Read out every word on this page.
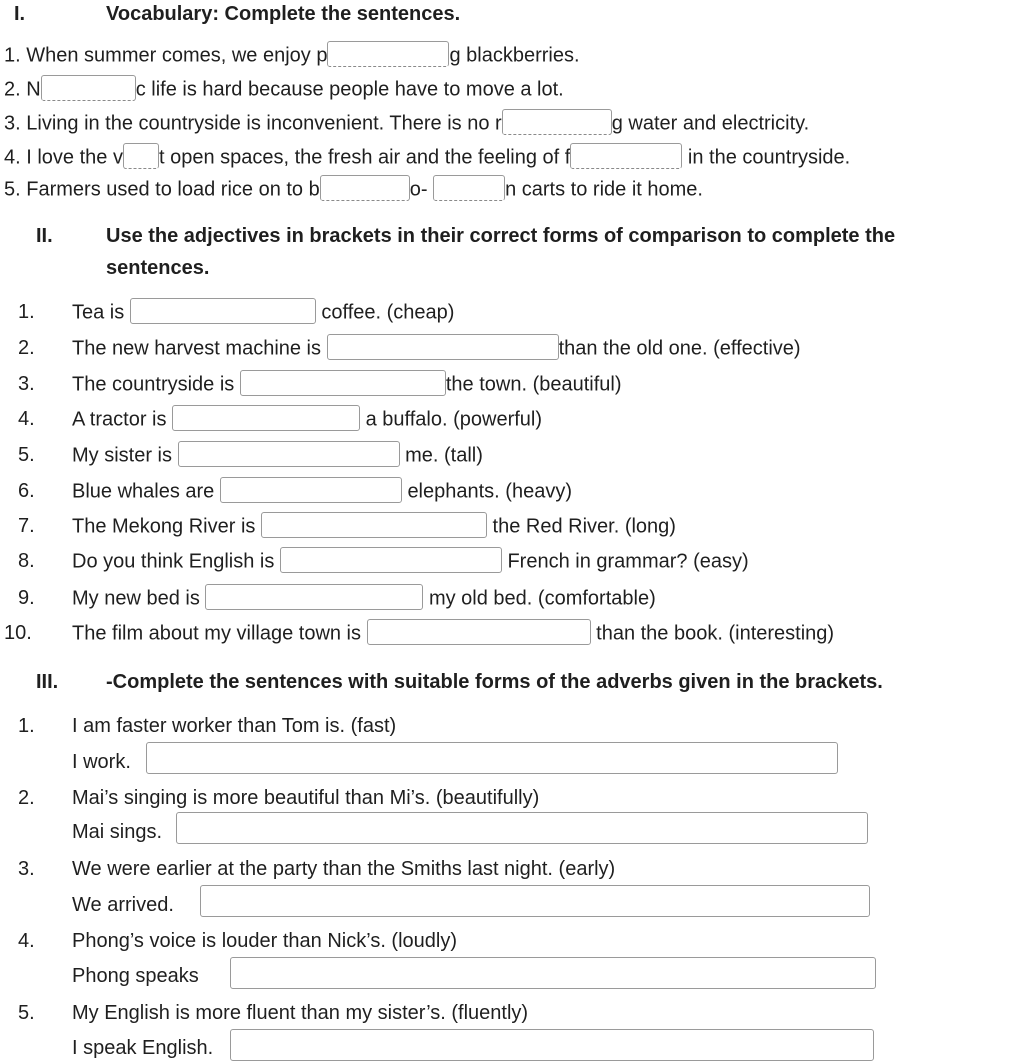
I.	Vocabulary: Complete the sentences.
1. When summer comes, we enjoy p	g blackberries.
2. N	c life is hard because people have to move a lot.
3. Living in the countryside is inconvenient. There is no r	g water and electricity.
4. I love the v t open spaces, the fresh air and the feeling of f	in the countryside.
5. Farmers used to load rice on to b	o-	n carts to ride it home.
II.	Use the adjectives in brackets in their correct forms of comparison to complete the
sentences.
1. Tea is	coffee. (cheap)
2. The new harvest machine is	than the old one. (effective)
3. The countryside is	the town. (beautiful)
4. A tractor is	a buffalo. (powerful)
5. My sister is	me. (tall)
6. Blue whales are	elephants. (heavy)
7. The Mekong River is	the Red River. (long)
8. Do you think English is	French in grammar? (easy)
9. My new bed is	my old bed. (comfortable)
10. The film about my village town is	than the book. (interesting)
III. -Complete the sentences with suitable forms of the adverbs given in the brackets.
1. I am faster worker than Tom is. (fast)
I work.
2. Mai’s singing is more beautiful than Mi’s. (beautifully)
Mai sings.
3. We were earlier at the party than the Smiths last night. (early)
We arrived.
4. Phong’s voice is louder than Nick’s. (loudly)
Phong speaks
5. My English is more fluent than my sister’s. (fluently)
I speak English.
